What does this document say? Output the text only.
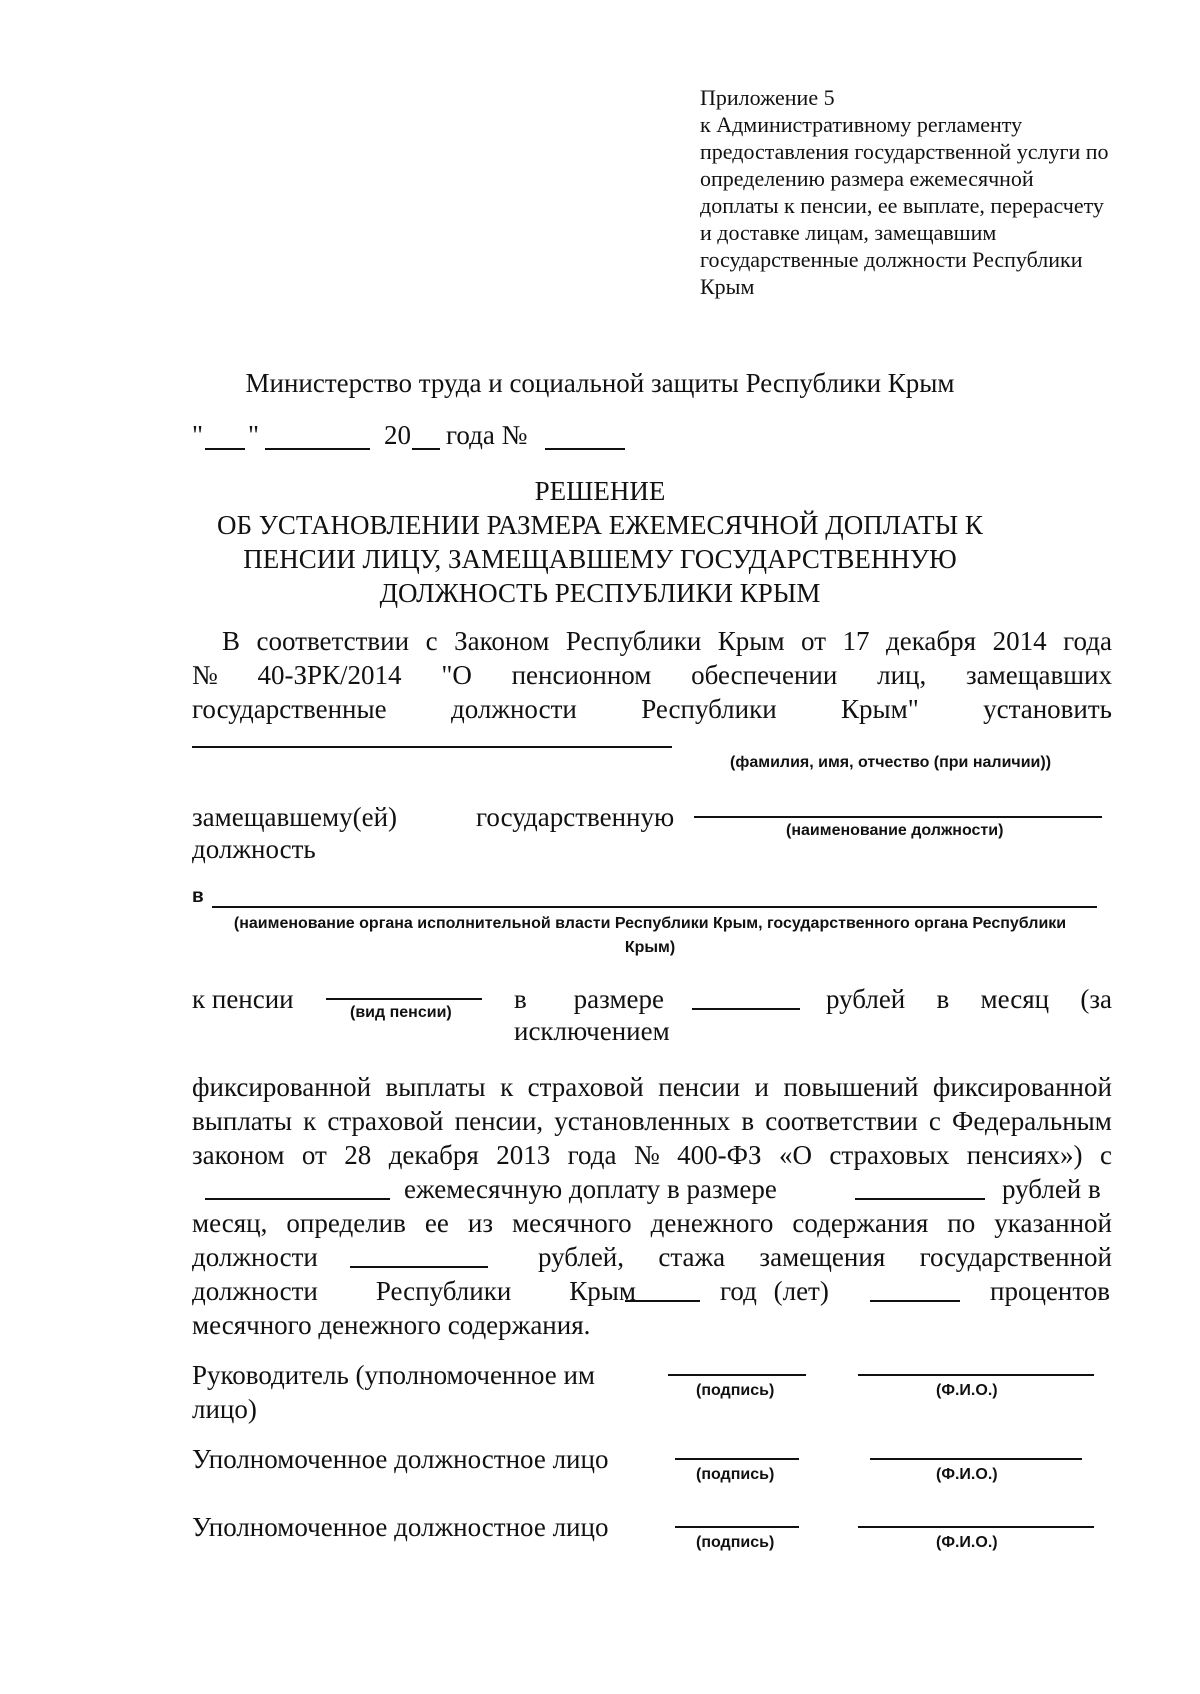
Приложение 5
к Административному регламенту
предоставления государственной услуги по
определению размера ежемесячной
доплаты к пенсии, ее выплате, перерасчету
и доставке лицам, замещавшим
государственные должности Республики
Крым
Министерство труда и социальной защиты Республики Крым
" "	20 года №
РЕШЕНИЕ
ОБ УСТАНОВЛЕНИИ РАЗМЕРА ЕЖЕМЕСЯЧНОЙ ДОПЛАТЫ К
ПЕНСИИ ЛИЦУ, ЗАМЕЩАВШЕМУ ГОСУДАРСТВЕННУЮ
ДОЛЖНОСТЬ РЕСПУБЛИКИ КРЫМ
В соответствии с Законом Республики Крым от 17 декабря 2014 года
№ 40-ЗРК/2014 "О пенсионном обеспечении лиц, замещавших
государственные должности Республики Крым" установить
(фамилия, имя, отчество (при наличии))
замещавшему(ей)	государственную	(наименование должности)
должность
в
(наименование органа исполнительной власти Республики Крым, государственного органа Республики
Крым)
к пенсии	(вид пенсии) в размере	рублей в месяц (за
исключением
фиксированной выплаты к страховой пенсии и повышений фиксированной
выплаты к страховой пенсии, установленных в соответствии с Федеральным
законом от 28 декабря 2013 года № 400-ФЗ «О страховых пенсиях») с
ежемесячную доплату в размере	рублей в
месяц, определив ее из месячного денежного содержания по указанной
должности	рублей, стажа замещения государственной
должности Республики Крым	год (лет)	процентов
месячного денежного содержания.
Руководитель (уполномоченное им
лицо)
(подпись)	(Ф.И.О.)
Уполномоченное должностное лицо
(подпись)	(Ф.И.О.)
Уполномоченное должностное лицо
(подпись)	(Ф.И.О.)
